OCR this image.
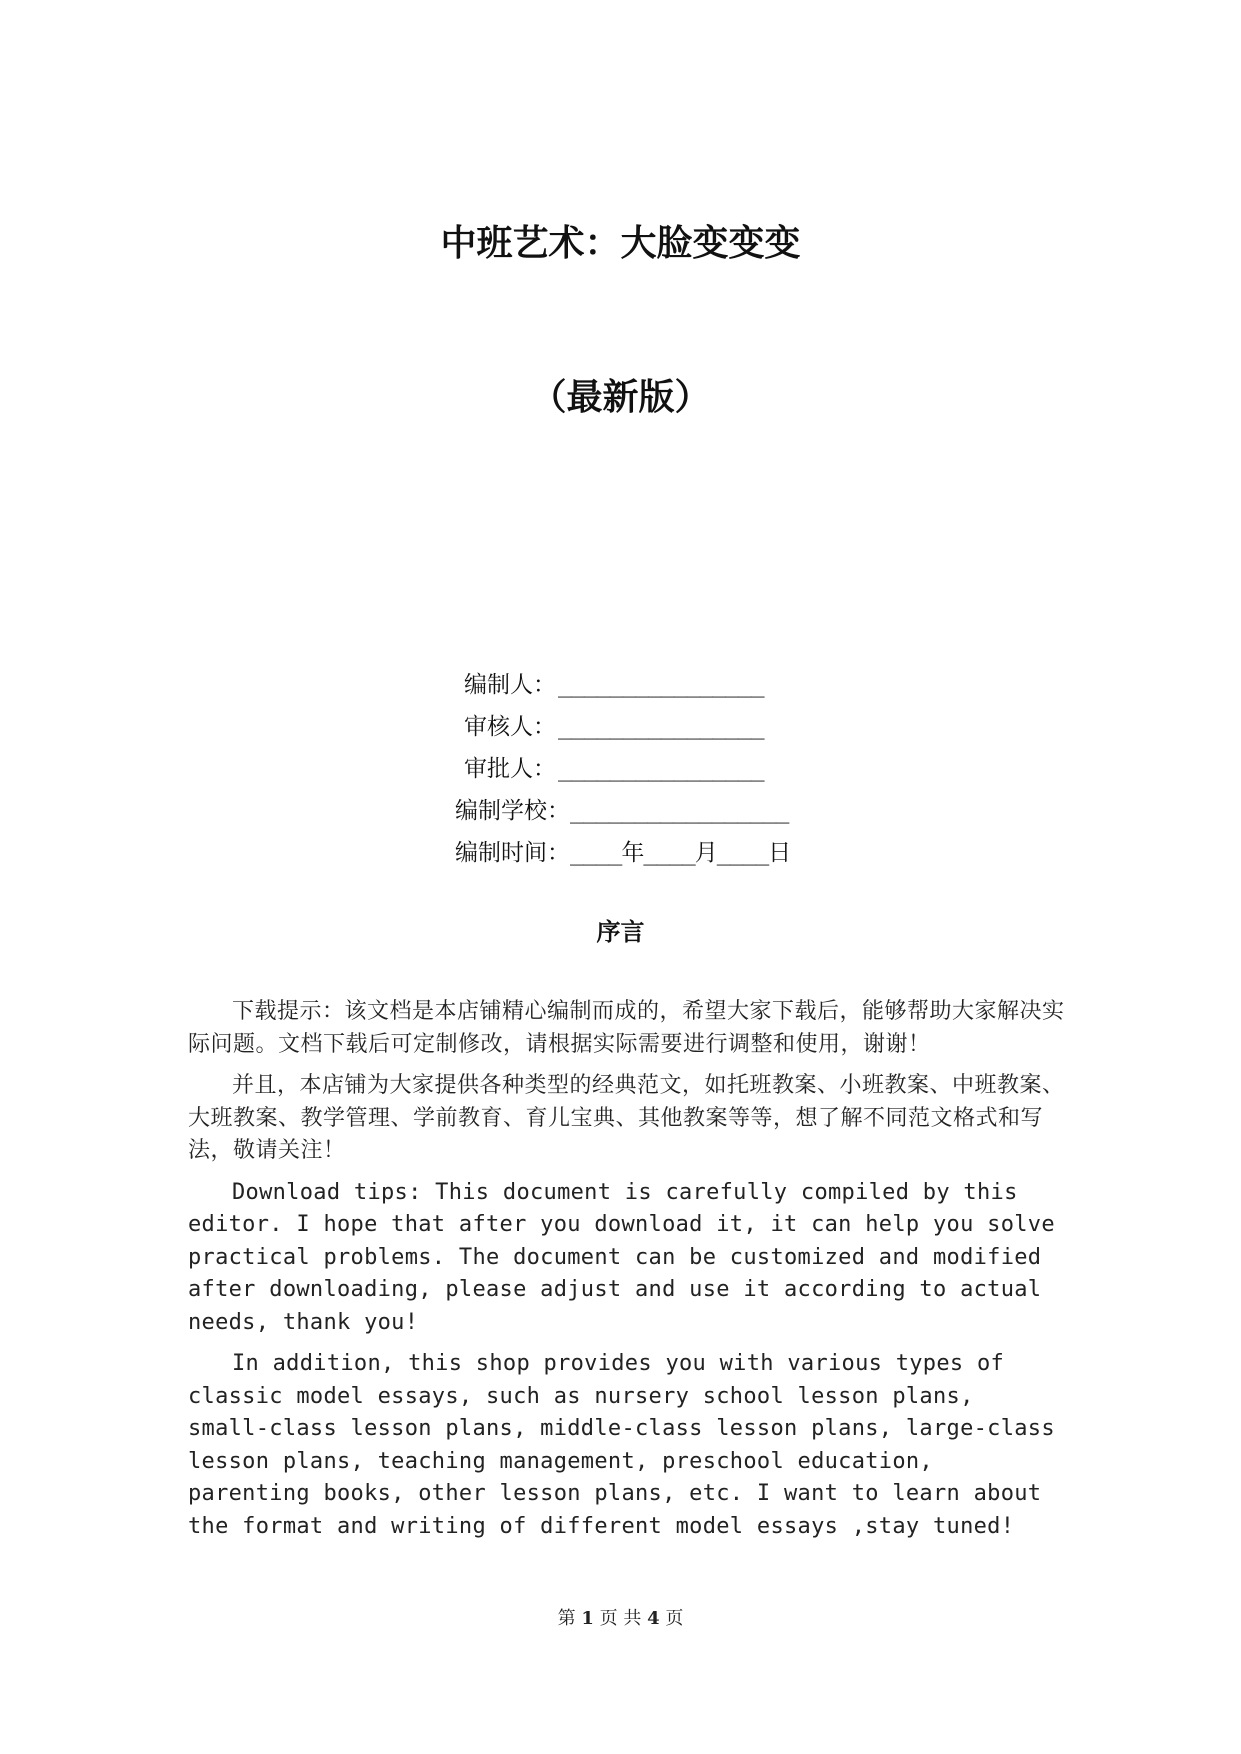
中班艺术：大脸变变变
（最新版）
编制人： ________________
审核人： ________________
审批人： ________________
编制学校： _________________
编制时间： ____年____月____日
序言

下载提示：该文档是本店铺精心编制而成的，希望大家下载后，能够帮助大家解决实际问题。文档下载后可定制修改，请根据实际需要进行调整和使用，谢谢！

并且，本店铺为大家提供各种类型的经典范文，如托班教案、小班教案、中班教案、大班教案、教学管理、学前教育、育儿宝典、其他教案等等，想了解不同范文格式和写法，敬请关注！

Download tips: This document is carefully compiled by this editor. I hope that after you download it, it can help you solve practical problems. The document can be customized and modified after downloading, please adjust and use it according to actual needs, thank you!

In addition, this shop provides you with various types of classic model essays, such as nursery school lesson plans, small-class lesson plans, middle-class lesson plans, large-class lesson plans, teaching management, preschool education, parenting books, other lesson plans, etc. I want to learn about the format and writing of different model essays ,stay tuned!

第 1 页 共 4 页
